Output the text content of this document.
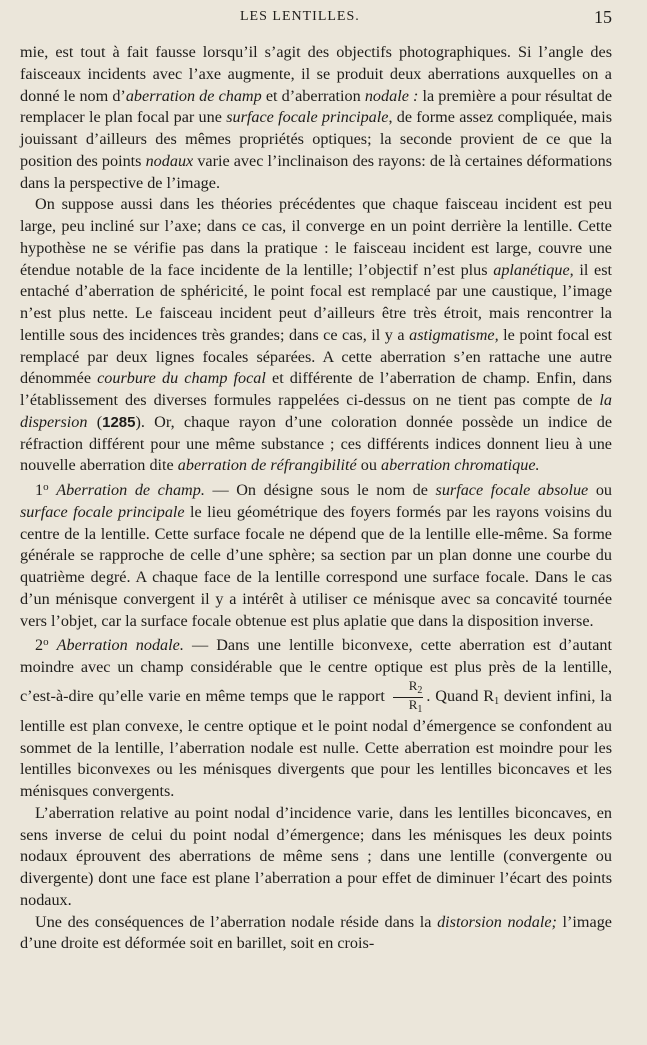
LES LENTILLES.	15

mie, est tout à fait fausse lorsqu’il s’agit des objectifs photographiques. Si l’angle des faisceaux incidents avec l’axe augmente, il se produit deux aberrations auxquelles on a donné le nom d’aberration de champ et d’aberration nodale : la première a pour résultat de remplacer le plan focal par une surface focale principale, de forme assez compliquée, mais jouissant d’ailleurs des mêmes propriétés optiques; la seconde provient de ce que la position des points nodaux varie avec l’inclinaison des rayons: de là certaines déformations dans la perspective de l’image.

On suppose aussi dans les théories précédentes que chaque faisceau incident est peu large, peu incliné sur l’axe; dans ce cas, il converge en un point derrière la lentille. Cette hypothèse ne se vérifie pas dans la pratique : le faisceau incident est large, couvre une étendue notable de la face incidente de la lentille; l’objectif n’est plus aplanétique, il est entaché d’aberration de sphéricité, le point focal est remplacé par une caustique, l’image n’est plus nette. Le faisceau incident peut d’ailleurs être très étroit, mais rencontrer la lentille sous des incidences très grandes; dans ce cas, il y a astigmatisme, le point focal est remplacé par deux lignes focales séparées. A cette aberration s’en rattache une autre dénommée courbure du champ focal et différente de l’aberration de champ. Enfin, dans l’établissement des diverses formules rappelées ci-dessus on ne tient pas compte de la dispersion (1285). Or, chaque rayon d’une coloration donnée possède un indice de réfraction différent pour une même substance ; ces différents indices donnent lieu à une nouvelle aberration dite aberration de réfrangibilité ou aberration chromatique.

1$^o$ Aberration de champ. — On désigne sous le nom de surface focale absolue ou surface focale principale le lieu géométrique des foyers formés par les rayons voisins du centre de la lentille. Cette surface focale ne dépend que de la lentille elle-même. Sa forme générale se rapproche de celle d’une sphère; sa section par un plan donne une courbe du quatrième degré. A chaque face de la lentille correspond une surface focale. Dans le cas d’un ménisque convergent il y a intérêt à utiliser ce ménisque avec sa concavité tournée vers l’objet, car la surface focale obtenue est plus aplatie que dans la disposition inverse.

2$^o$ Aberration nodale. — Dans une lentille biconvexe, cette aberration est d’autant moindre avec un champ considérable que le centre optique est plus près de la lentille, c’est-à-dire qu’elle varie en même temps que le rapport $\frac{R_2}{R_1}$ . Quand $R_1$ devient infini, la lentille est plan convexe, le centre optique et le point nodal d’émergence se confondent au sommet de la lentille, l’aberration nodale est nulle. Cette aberration est moindre pour les lentilles biconvexes ou les ménisques divergents que pour les lentilles biconcaves et les ménisques convergents.

L’aberration relative au point nodal d’incidence varie, dans les lentilles biconcaves, en sens inverse de celui du point nodal d’émergence; dans les ménisques les deux points nodaux éprouvent des aberrations de même sens ; dans une lentille (convergente ou divergente) dont une face est plane l’aberration a pour effet de diminuer l’écart des points nodaux.

Une des conséquences de l’aberration nodale réside dans la distorsion nodale; l’image d’une droite est déformée soit en barillet, soit en crois-
